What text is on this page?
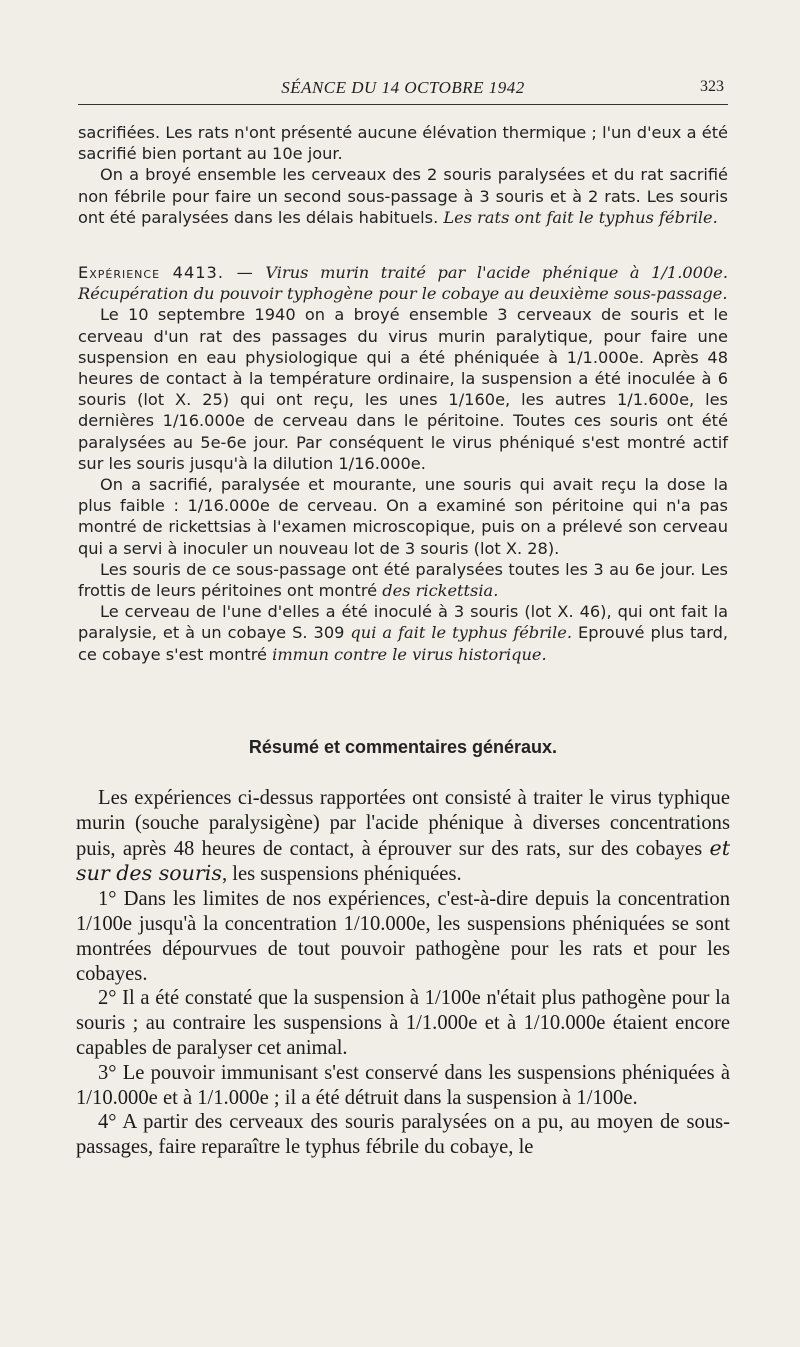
SÉANCE DU 14 OCTOBRE 1942	323

sacrifiées. Les rats n'ont présenté aucune élévation thermique ; l'un d'eux a été sacrifié bien portant au 10e jour.

On a broyé ensemble les cerveaux des 2 souris paralysées et du rat sacrifié non fébrile pour faire un second sous-passage à 3 souris et à 2 rats. Les souris ont été paralysées dans les délais habituels. Les rats ont fait le typhus fébrile.

Expérience 4413. — Virus murin traité par l'acide phénique à 1/1.000e. Récupération du pouvoir typhogène pour le cobaye au deuxième sous-passage.

Le 10 septembre 1940 on a broyé ensemble 3 cerveaux de souris et le cerveau d'un rat des passages du virus murin paralytique, pour faire une suspension en eau physiologique qui a été phéniquée à 1/1.000e. Après 48 heures de contact à la température ordinaire, la suspension a été inoculée à 6 souris (lot X. 25) qui ont reçu, les unes 1/160e, les autres 1/1.600e, les dernières 1/16.000e de cerveau dans le péritoine. Toutes ces souris ont été paralysées au 5e-6e jour. Par conséquent le virus phéniqué s'est montré actif sur les souris jusqu'à la dilution 1/16.000e.

On a sacrifié, paralysée et mourante, une souris qui avait reçu la dose la plus faible : 1/16.000e de cerveau. On a examiné son péritoine qui n'a pas montré de rickettsias à l'examen microscopique, puis on a prélevé son cerveau qui a servi à inoculer un nouveau lot de 3 souris (lot X. 28).

Les souris de ce sous-passage ont été paralysées toutes les 3 au 6e jour. Les frottis de leurs péritoines ont montré des rickettsia.

Le cerveau de l'une d'elles a été inoculé à 3 souris (lot X. 46), qui ont fait la paralysie, et à un cobaye S. 309 qui a fait le typhus fébrile. Eprouvé plus tard, ce cobaye s'est montré immun contre le virus historique.

Résumé et commentaires généraux.

Les expériences ci-dessus rapportées ont consisté à traiter le virus typhique murin (souche paralysigène) par l'acide phénique à diverses concentrations puis, après 48 heures de contact, à éprouver sur des rats, sur des cobayes et sur des souris, les suspensions phéniquées.

1° Dans les limites de nos expériences, c'est-à-dire depuis la concentration 1/100e jusqu'à la concentration 1/10.000e, les suspensions phéniquées se sont montrées dépourvues de tout pouvoir pathogène pour les rats et pour les cobayes.

2° Il a été constaté que la suspension à 1/100e n'était plus pathogène pour la souris ; au contraire les suspensions à 1/1.000e et à 1/10.000e étaient encore capables de paralyser cet animal.

3° Le pouvoir immunisant s'est conservé dans les suspensions phéniquées à 1/10.000e et à 1/1.000e ; il a été détruit dans la suspension à 1/100e.

4° A partir des cerveaux des souris paralysées on a pu, au moyen de sous-passages, faire reparaître le typhus fébrile du cobaye, le
